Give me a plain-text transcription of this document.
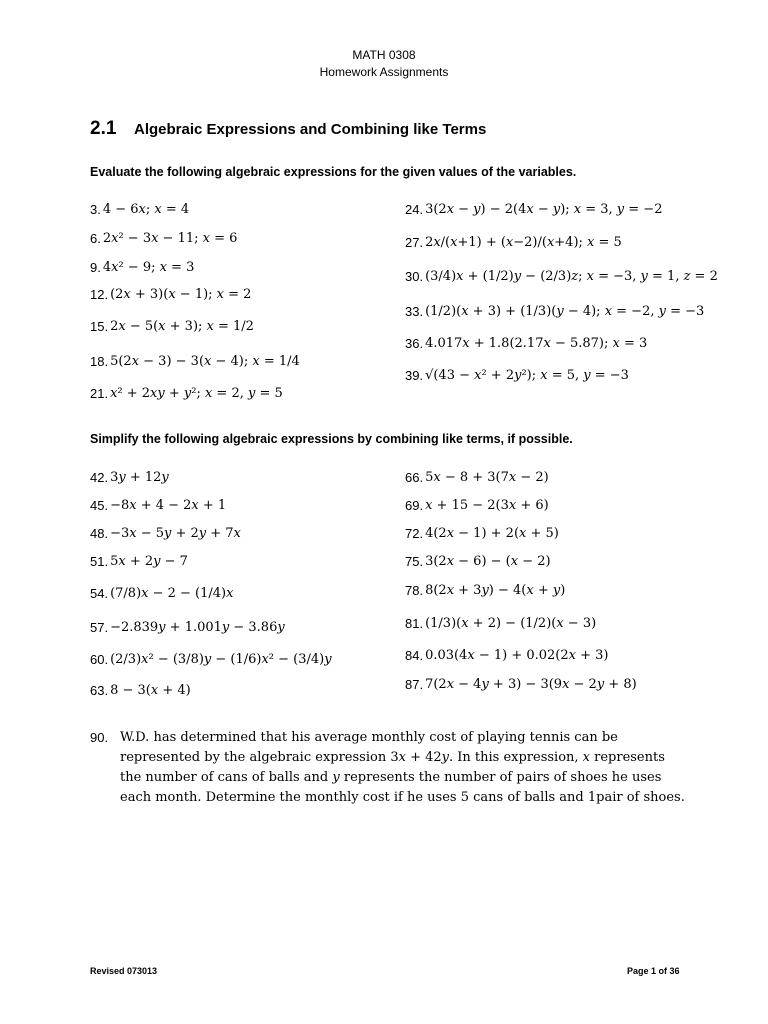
MATH 0308
Homework Assignments
2.1	Algebraic Expressions and Combining like Terms
Evaluate the following algebraic expressions for the given values of the variables.
3. 4 − 6𝑥; 𝑥 = 4
6. 2𝑥² − 3𝑥 − 11; 𝑥 = 6
9. 4𝑥² − 9; 𝑥 = 3
12. (2𝑥 + 3)(𝑥 − 1); 𝑥 = 2
15. 2𝑥 − 5(𝑥 + 3); 𝑥 = 1/2
18. 5(2𝑥 − 3) − 3(𝑥 − 4); 𝑥 = 1/4
21. 𝑥² + 2𝑥𝑦 + 𝑦²; 𝑥 = 2, 𝑦 = 5
24. 3(2𝑥 − 𝑦) − 2(4𝑥 − 𝑦); 𝑥 = 3, 𝑦 = −2
27. 2𝑥/(𝑥+1) + (𝑥−2)/(𝑥+4); 𝑥 = 5
30. (3/4)𝑥 + (1/2)𝑦 − (2/3)𝑧; 𝑥 = −3, 𝑦 = 1, 𝑧 = 2
33. (1/2)(𝑥 + 3) + (1/3)(𝑦 − 4); 𝑥 = −2, 𝑦 = −3
36. 4.017𝑥 + 1.8(2.17𝑥 − 5.87); 𝑥 = 3
39. √(43 − 𝑥² + 2𝑦²); 𝑥 = 5, 𝑦 = −3
Simplify the following algebraic expressions by combining like terms, if possible.
42. 3𝑦 + 12𝑦
45. −8𝑥 + 4 − 2𝑥 + 1
48. −3𝑥 − 5𝑦 + 2𝑦 + 7𝑥
51. 5𝑥 + 2𝑦 − 7
54. (7/8)𝑥 − 2 − (1/4)𝑥
57. −2.839𝑦 + 1.001𝑦 − 3.86𝑦
60. (2/3)𝑥² − (3/8)𝑦 − (1/6)𝑥² − (3/4)𝑦
63. 8 − 3(𝑥 + 4)
66. 5𝑥 − 8 + 3(7𝑥 − 2)
69. 𝑥 + 15 − 2(3𝑥 + 6)
72. 4(2𝑥 − 1) + 2(𝑥 + 5)
75. 3(2𝑥 − 6) − (𝑥 − 2)
78. 8(2𝑥 + 3𝑦) − 4(𝑥 + 𝑦)
81. (1/3)(𝑥 + 2) − (1/2)(𝑥 − 3)
84. 0.03(4𝑥 − 1) + 0.02(2𝑥 + 3)
87. 7(2𝑥 − 4𝑦 + 3) − 3(9𝑥 − 2𝑦 + 8)
90. W.D. has determined that his average monthly cost of playing tennis can be represented by the algebraic expression 3𝑥 + 42𝑦. In this expression, 𝑥 represents the number of cans of balls and 𝑦 represents the number of pairs of shoes he uses each month. Determine the monthly cost if he uses 5 cans of balls and 1pair of shoes.
Revised 073013	Page 1 of 36
